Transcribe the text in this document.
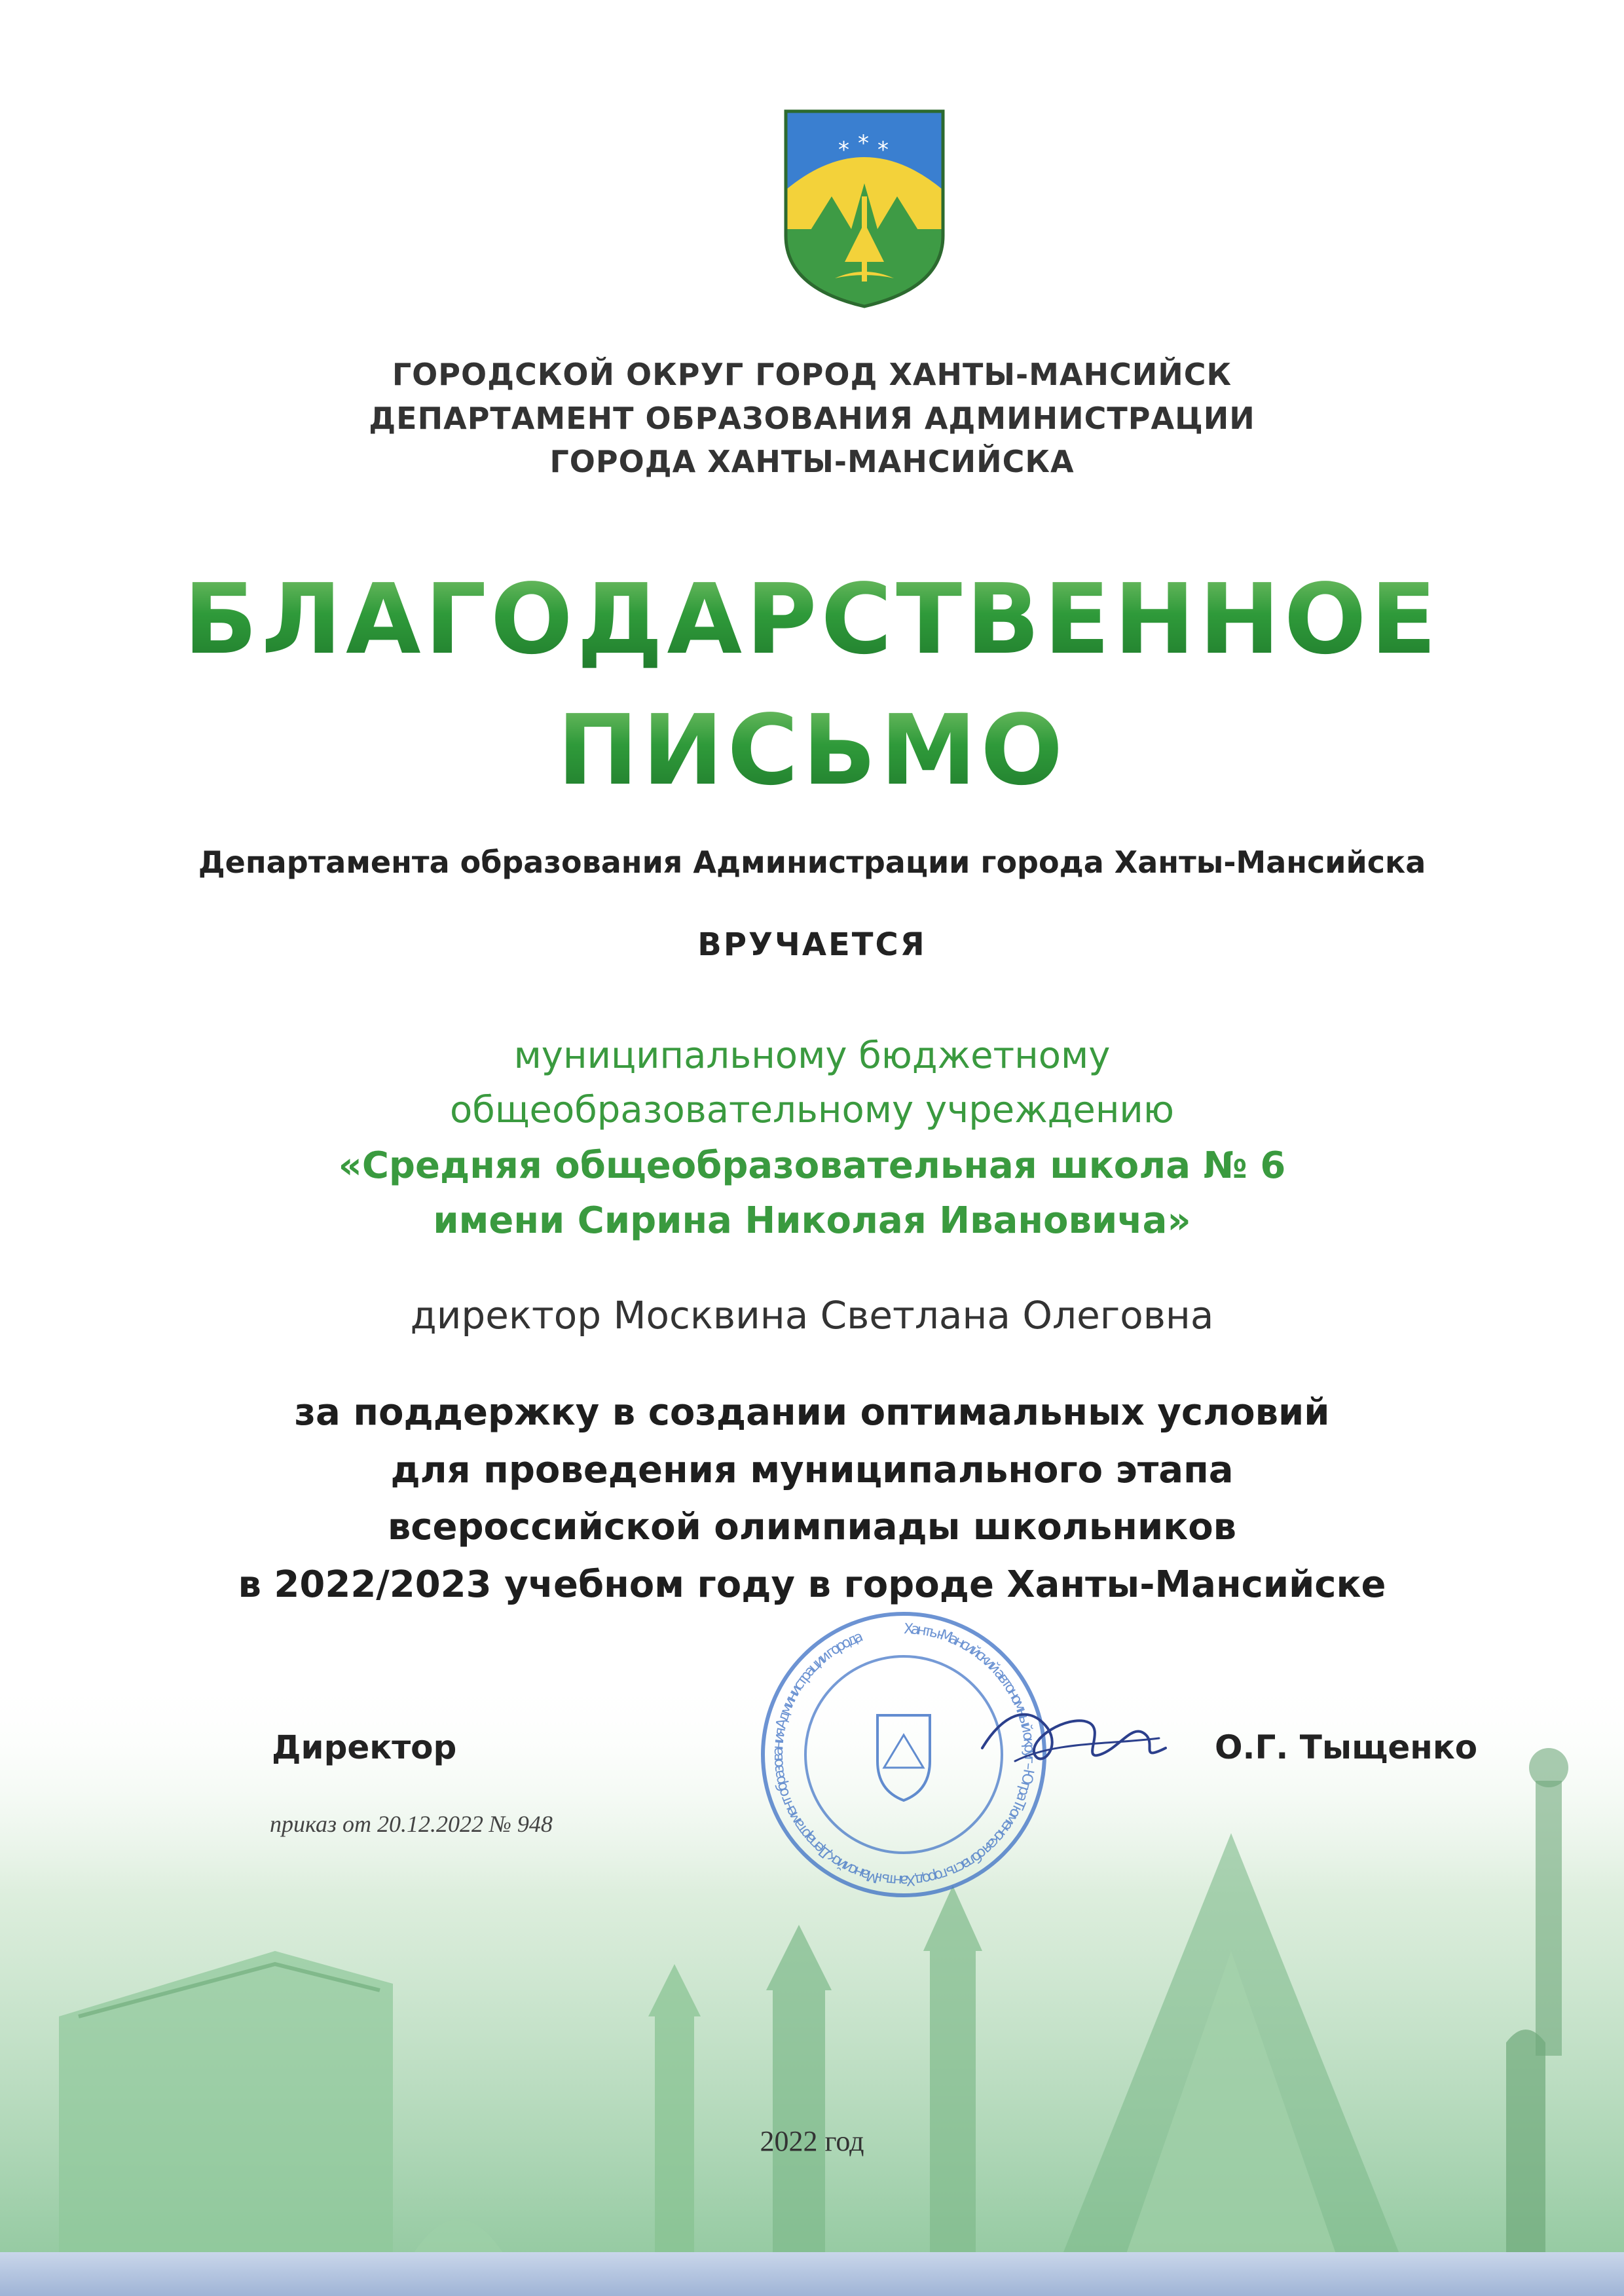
* * *
ГОРОДСКОЙ ОКРУГ ГОРОД ХАНТЫ-МАНСИЙСК
ДЕПАРТАМЕНТ ОБРАЗОВАНИЯ АДМИНИСТРАЦИИ
ГОРОДА ХАНТЫ-МАНСИЙСКА
БЛАГОДАРСТВЕННОЕ
ПИСЬМО
Департамента образования Администрации города Ханты-Мансийска
ВРУЧАЕТСЯ
муниципальному бюджетному
общеобразовательному учреждению
«Средняя общеобразовательная школа № 6
имени Сирина Николая Ивановича»
директор Москвина Светлана Олеговна
за поддержку в создании оптимальных условий
для проведения муниципального этапа
всероссийской олимпиады школьников
в 2022/2023 учебном году в городе Ханты-Мансийске
Ханты-Мансийский автономный округ – Югра Тюменская область город Ханты-Мансийск Департамент образования Администрации города
Директор	О.Г. Тыщенко
приказ от 20.12.2022 № 948
2022 год
